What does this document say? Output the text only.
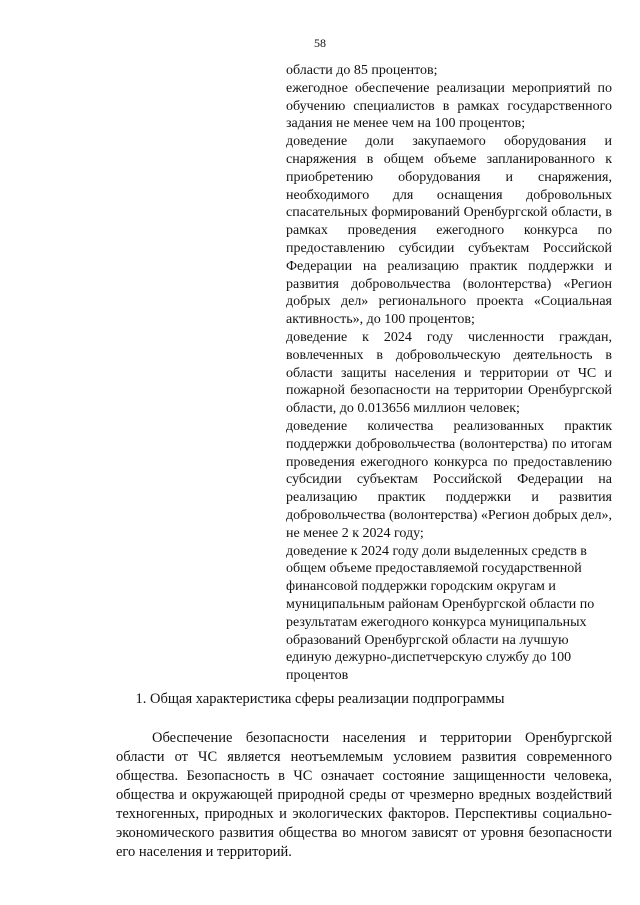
58

области до 85 процентов;

ежегодное обеспечение реализации мероприятий по обучению специалистов в рамках государственного задания не менее чем на 100 процентов;

доведение доли закупаемого оборудования и снаряжения в общем объеме запланированного к приобретению оборудования и снаряжения, необходимого для оснащения добровольных спасательных формирований Оренбургской области, в рамках проведения ежегодного конкурса по предоставлению субсидии субъектам Российской Федерации на реализацию практик поддержки и развития добровольчества (волонтерства) «Регион добрых дел» регионального проекта «Социальная активность», до 100 процентов;

доведение к 2024 году численности граждан, вовлеченных в добровольческую деятельность в области защиты населения и территории от ЧС и пожарной безопасности на территории Оренбургской области, до 0.013656 миллион человек;

доведение количества реализованных практик поддержки добровольчества (волонтерства) по итогам проведения ежегодного конкурса по предоставлению субсидии субъектам Российской Федерации на реализацию практик поддержки и развития добровольчества (волонтерства) «Регион добрых дел», не менее 2 к 2024 году;

доведение к 2024 году доли выделенных средств в общем объеме предоставляемой государственной финансовой поддержки городским округам и муниципальным районам Оренбургской области по результатам ежегодного конкурса муниципальных образований Оренбургской области на лучшую единую дежурно-диспетчерскую службу до 100 процентов

1. Общая характеристика сферы реализации подпрограммы

Обеспечение безопасности населения и территории Оренбургской области от ЧС является неотъемлемым условием развития современного общества. Безопасность в ЧС означает состояние защищенности человека, общества и окружающей природной среды от чрезмерно вредных воздействий техногенных, природных и экологических факторов. Перспективы социально-экономического развития общества во многом зависят от уровня безопасности его населения и территорий.
